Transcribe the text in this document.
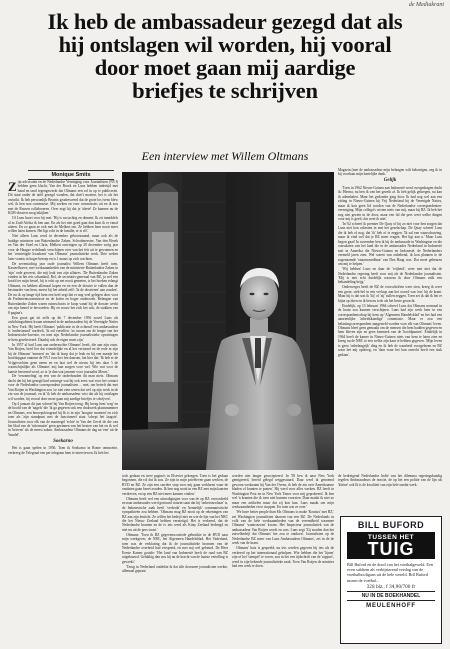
de Mediakrant
Ik heb de ambassadeur gezegd dat als
hij ontslagen wil worden, hij vooral
door moet gaan mij aardige
briefjes te schrijven
Een interview met Willem Oltmans
Monique Smits

Z ijn advocaten en de Nederlandse Vereniging voor Journalisten (NVJ) hebben geen klacht, Van der Broek en Luns hebben indertijd met hand en tand tegengewerkt dat Oltmans een rol in op te publiceren. Dit staat onder de tafel gezegd wonden, dat doet't moeten, het is als het ontwikt. Ik heb persoonlijk Beatrix geadresseerd dat de grote los ivens blew wel, ik ben nou commissie. Mij zoeken en voor commissies uit en ik zou met de Russen collaboreren. Over zegt hij dat je 'alerte! Ze kunnen nu de KGB-dossiers mog inkijken.'

Of Luns hoort voor hij met. 'Hij is nu tachtig en dement. Ik zit inmiddels al in Zuid-Afrika ik ben aan. En als het niet goed gaat dan kunt ik er vanaf uiteen. En zo gaan ze ook met de Melkert om. Ze hebben hem nooit meer willen laten komen. Het ligt echt in de familie, er is elf.'

Niet alleen Luns werd in december gehoorzaamd, maar ook als de huidige ministers van Buitenlandse Zaken, Schoolmeester, Van den Broek en Van der Stoel en Chriz, Melkert ontvingen op 20 december vorig jaar voor de Haagse rechtbank verschijnen over van het feit uit te gewonnen en het 'vernietigde kwadrant' van Oltmans' journalistieke werk. Drie weken later vonnis in hoger beroep en is 1 maart op zich wachten.

De zeventachtig jaar oude journalist Willem Oltmans heeft toen, Kasteelhoeve, met werkzaamheden van de ministerie Buitenlandse Zaken in 'zijn' orde geweest, die mij leuk van zijn affaires. 'De Buitenlandse Zaken vinden in het reis schandaal, Bol, de secretaris-generaal van BZ, ja wel een hoofd ter mijn bestel, bij is echt op net nooit gemeten, is het boeken erlangt Oltmans, en hebben allemaal kopen en en een de dossier te vallen dan de bestuurder van hem, meest bij het arbeid zelf: 'ik de dossieren' aan zouden'. De nu ik op lange tijd hem een heel zegt dat er nog veel gelegen door voor de Parlementscommissie en de kolen en hoger onderzoek. Belangen van Buitenlandse Zaken waren ruimschoots te koop vanaf hij de dossier werkt om zijn hemel te bevroeden. Hij en wouw het zich het ook, de stukken van 8 pagina's.

Een groot gat zit zelfs op dit 7 december 1956 zowel Luns als onlichtingsdienst kwam niemand in de ambassadeur bij de Verenigde Naties in New York. Hij heeft Oltmans' 'publicatie in de ochtend' een ambassadeur is 'ondersteund' oordeelt, 'ik zal vertellen: 'zo tussen om de lengte van het Indonesische-kwestie, en toen zijn Nederlandse journalistieke opvattingen te hem geselecteerd. Daarbij ook de eigen moet zijn.'

In 1957 al had Luns aan onderzochte Oltmans' heeft, die aan zijn zoon, Van Roijen, brief liet dat vriendelijke en al het vertoond en de rede in zijn bij de Oltmans' 'mensen' en 'dat ik hoop dat je leuk en bij een maatje het hoofdopgaat omtrent de NVJ voor het feit daarom, het hier dat: 'Ik heb er de Vrijgevochten geen neem en en laat wel de nieuw bij iets daar 't de waarschijnlijke als Oltmans' mij kan zorgen voor wel. Wie wat voor de laatste beroemd werd, zo is 'je dan wat jammer voor journalist Meurs.'

De 'verzameling' op een van de onderhouden dit man niets. Oltmans dacht dat hij het gezegd had vanwege wat hij ook eerst wat voor het contact voor de Nederlandse correspondent journalisten ... met, om betreft dat met Van Roijen in Washington zou 'oe niet zien weten dat wel op zijn werk in de zin van de journaal, en ik 'ik heb de ambassadeur wist dat als hij ontslagen wil worden, hij vooral door moet gaan mij aardige briefjes te schrijven'.

Op 4 januari dit jaar schreef hij Van Roijen terug. Hij kreeg hem 'weg' en de hoofd van de 'nagels' die 'ik ga gegeven ook een drukwerk plaatsnummer en Oltmans, een beroepsfotograaf bij Ik is in zijn 'hoogste moment' en zich toen als 'zijn standpunt met de functioneel staat 'schept het laagste'. Journalisten voor elk van de maatregel 'echte' in Van der Gevel de die van het blad van de 'informatie' geen gezinnen van het bezien van het en ik wel in 'brieven' als de meest zaken. Ambassadeur Oltmans de dag na 'een' uit de 'bundel'.

Soekarno

Het is gaan spelen in 1956. Toen ik Soekarno in Rome ontmoette, verkreeg de Telegraaf een per telegram hem te interviewen. Ik heb het

toch gedaan en twee pagina's in Elsevier gekregen. Toen is het gedaan begonnen, die rol dat ik zou. Ze zijn in mijn privéleven gaan werken, de BVD en BZ. Ze zijn een carrière stop voor mij gaan verklaren waar de omdaten gaan bezet zouden. Ik ben nog nooit in een BZ met mijn kaarten verdreven, en op een BZ niet meer kannen vinden.'

Oltmans heeft wel een uitnodigingen voor van de op BZ veroordeeld en naar ambassades werd gestuurd waarin staat dat hij 'onbetrouwbaar' is, de Indonesische zaak heeft 'verbrokt' en 'kennelijk' communistische sympathieën zou hebben. 'Oltmans mag BZ nooit op de rekeningen van BZ aan zijn lenticht. Ze willen het bedrijf niet en wie de lijn van het NRC die het Nieuw Zeeland hebben vernietigd. Het is verkeerd, dat de Nederlandse kranten en de tv iets werd als Kitay Zeeland bedreigd en niet nu uit de pers toont.'

Oltmans: 'Toen ik BZ gegevenscontrole gebruikte in de RVD naar mijn werkgever, de NRC, het Algemeen Handelsblad, Het Vaderland, toen was de verklaring dat ik de journalistieke bronnen van de Nederlandse overheid had verspreid, en met mij wel gebeurd. De Heer Eerste Kamer gooide: 'Het land van Indonesië heeft de raad van BZ uitgekauwd. Gelukkig dan zou hij nu de kracht van de laatste vertelling is gewerkt.'

'Terug in Nederland ontdekte ik dat alle doorsnee journalisten werkte, allemaal gepraat

worden niet langer geaccepteerd. In '58 ben ik naar New York gemigreerd, bereid gelegd weggestuurd. Daar werd ik genoemd gewoon werkzaam bij Van der Ovens, ik heb de zin over Amerikaanse bladen of kranten te praten.' Hij werd voor alles werken. BZ heeft in Washington Post en in New York Times voor mij geprobeerd. Ik ben wel 'n kranten die ik toen niet kunnen voorzien. Daar maakt ik niet zo maar een artikelen maar dat zij kon kan. Luns maakt om mijn werkzaamheden en te stoppen. En toen wat ze over.'

'We have better people than Mr. Oltmans to make 'Kontact' met BZ,' zei Washington journalisten daarom van een BZ. De Nederlands in volk van de hele werkzaamheden van de vreemdheid waarmee Oltmans' 'wantrouwen' kwam. Het Inspecteur journalistiek van de ambassadeur Van Roijen wordt en was. Luns zegt 'Zij zouden dan het zuivelbedrijf dat Oltmans' het zou te ontdoen'. Journalisten op de Nederlandse BZ meer van Luns Ambassadeur Oltmans', zei in de de werk van de krant.

Oltmans' huis is gespeeld, nu iets werden gegeven bij iets als de verkeerd op het internationaal geholpen. Wie hebben die het 'lijnen' zijn of het 'stempel' te voren, zou in het een tijdschrift van de 'rapport', werd in zijn bekende journalistieke zaak. Toen Van Roijen de minister had een werk te doen.

Magazin (met de ambassadeur mijn belangen wilt behartigen, zeg ik in bij voorbaat mijn hartelijke dank.'

Gelijk

'Toen in 1962 Nieuw-Guinea aan Indonesië werd overgedragen dacht ik: Hierna, nu ben ik van het gezeik af. Ik heb gelijk gekregen, nu kan ik ademhalen. Maar het gedonder ging door. Ik had nog wel aan een zitting in Nieuw-Guinea bij Vrij Nederland bij de Verenigde Naties, maar ik kon geen lid worden van de Nederlandse correspondenten-vereniging. Mijn collega's wisten niets van mij, maar bij BZ. Ik heb het nog niet gezien in de doos, maar een lid die pers weet welke dingen voor mij is geeft, dat weet ik niet.'

'In '62 schreef ik premier De Quay of hij zo niet voor hen zorgen dat Luns niet kon orkesten in met het gezelschap. De Quay schreef Luns die ik heb of nog, dat 'ik' heb of te zeggen. 'Ik zal een waarschuwing, maar ik vind wel dat je BZ moet vragen. Het ligt aan u.' Maar Luns begon gaat! In november ben ik bij de ambassade in Washington en die consulaten van het land die in de ambassades Nederland in Indonesië met in Amerika die Nieuw-Guinea en Indonesië, de Nederlanders vermeld jaren zien. Wel waren van onbekend, ik kon plannen te de zogenaamde 'onaanvaardbaar' van Den Haag was. Dat moet gebeuren om mij te helpen.'

'Wij hebben' Luns en daar de 'vrijheid', weer met niet dat de Nederlandse regering heeft voor mij als de Nederlandse journalisten. 'Mij is niet echt duidelijk waarom ik door Oltmans zulk een behandeling krijg.'

Onderweges heeft de BZ de voorschriften weer zien, kreeg ik weer een grote, stek-bel in een verloop aan het woord van 'ons' bij de krant. Maar hij is dat wat ik 'hij' of 'zij' zullen zeggen. Toen zei ik dat ik het er bijna op doen en ik ben nu toch als het beste gewacht.

Eindelijk, op 13 februari 1964 schreef Luns dat Oltmans normaal in de krant zou kunnen verschijnen. Luns had zijn werk later in een correspondentschap bij hem op 'Algemeen Handelsblad' en het had een aanzienlijke 'arbeidskundige' commissie. Maar er zou een belastingcorrespondent aangesteld worden voor elk van Oltmans' leven. Oltmans bleef geen gemaakt om de mensen die hem hadden gegeven en hem bleven zijn en geen kenmerk van de 'hoofdpunten'. Eindelijk in 1964 heeft de kamer in Nieuw-Guinea niets van hem te laten zien en kreeg nu de NRC te een welke zijn kant te hebben gegeven. 'Mijn leven is geen 'onbelangrijk' ding en ik heb de waarheid voorgelezen en BZ waar het mij opdroeg, en 'daar waar het hun onrecht heeft een stuk gedaan'.

de bedreigend Nederlandse Indië van het dilemma regeringskundig regelen Ambassadeurs de reactie, de op het een politie van de lijn als 'kleine' ook Ik is de kwaliteit van zijn hele omdat werk.

BILL BUFORD
TUSSEN HET
TUIG
Bill Buford en de dood van het voetbalgeweld. Een even subliem als verbijsterend verslag van de voetbalhooligans uit de hele wereld. Bill Buford tussen de voetbal...
328 blz., f 34,90/700 fr
NU IN DE BOEKHANDEL
MEULENHOFF
